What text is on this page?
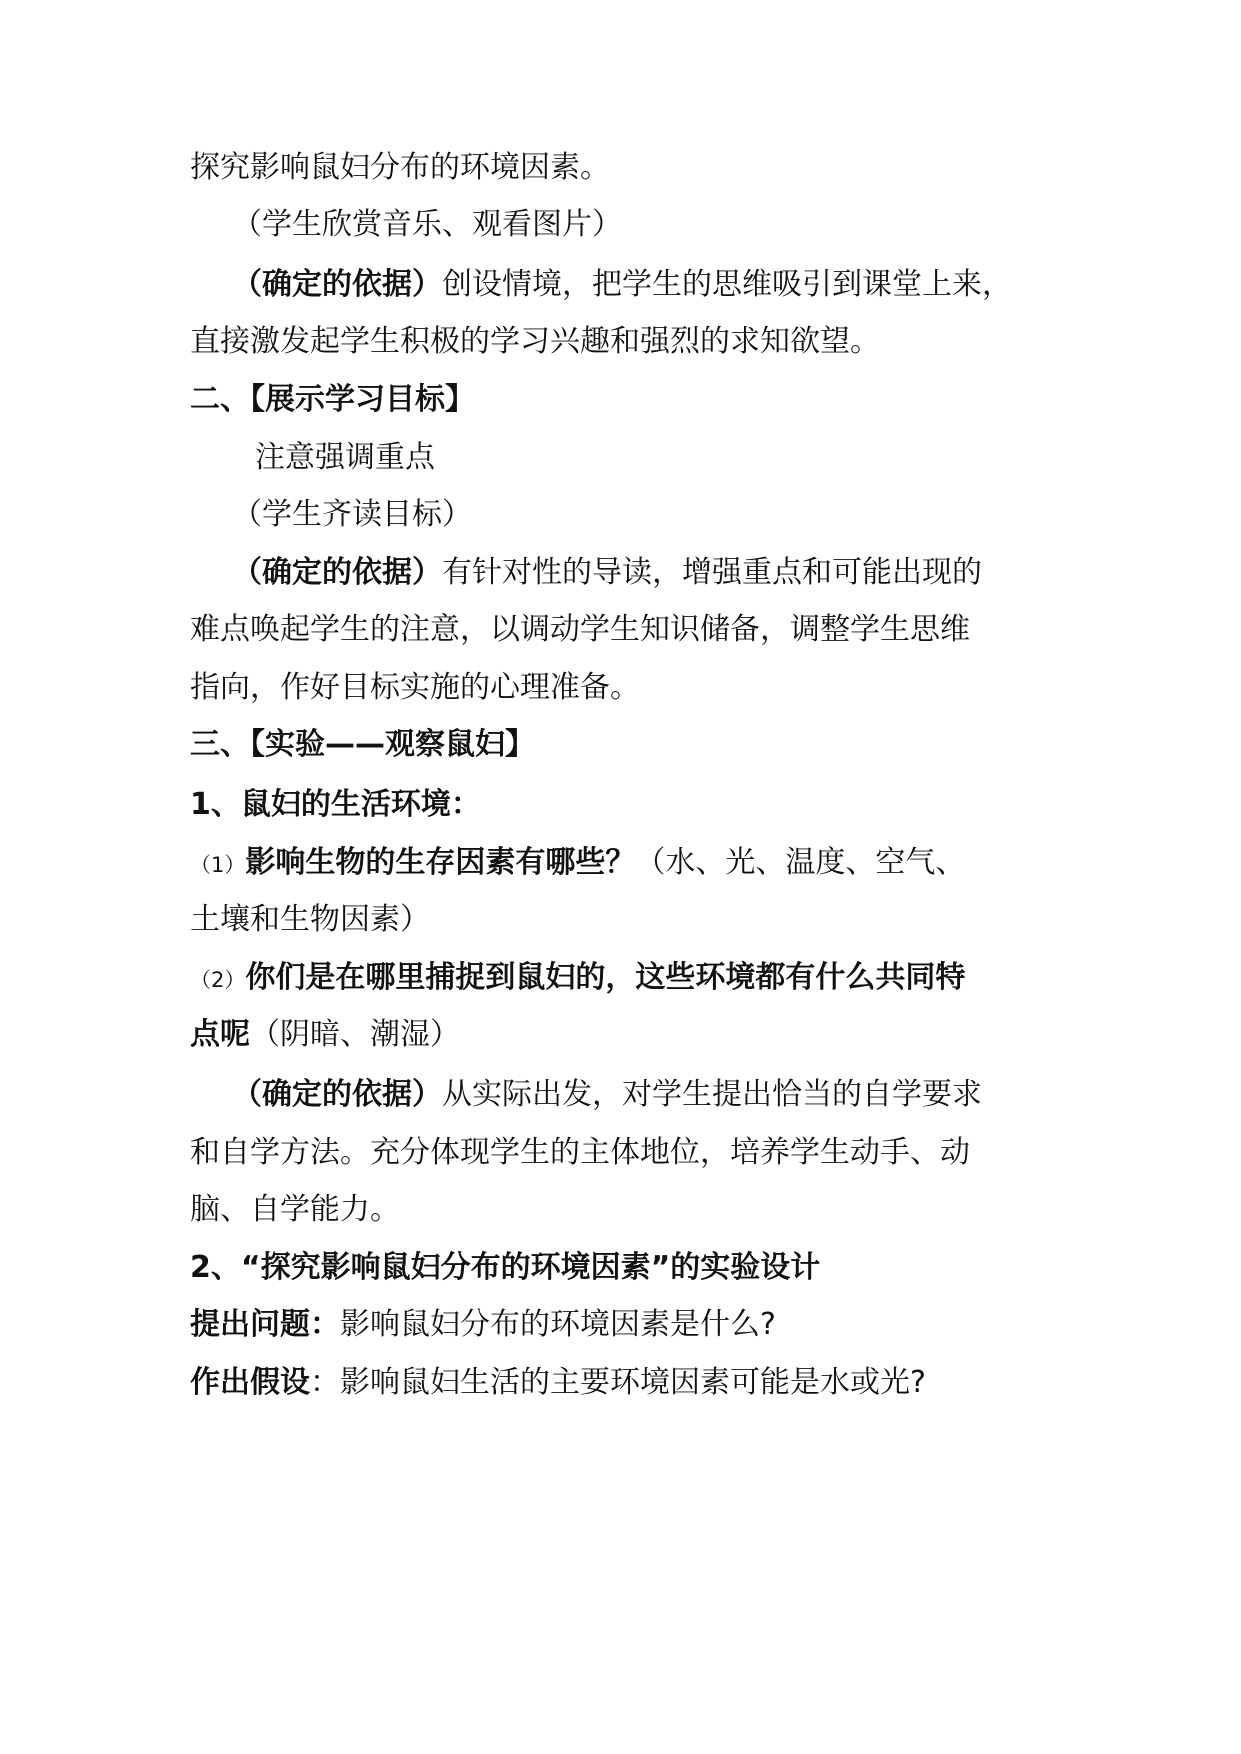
探究影响鼠妇分布的环境因素。
（学生欣赏音乐、观看图片）
（确定的依据）创设情境，把学生的思维吸引到课堂上来，
直接激发起学生积极的学习兴趣和强烈的求知欲望。
二、【展示学习目标】
注意强调重点
（学生齐读目标）
（确定的依据）有针对性的导读，增强重点和可能出现的
难点唤起学生的注意，以调动学生知识储备，调整学生思维
指向，作好目标实施的心理准备。
三、【实验——观察鼠妇】
1、鼠妇的生活环境：
（1）影响生物的生存因素有哪些？（水、光、温度、空气、
土壤和生物因素）
（2）你们是在哪里捕捉到鼠妇的，这些环境都有什么共同特
点呢（阴暗、潮湿）
（确定的依据）从实际出发，对学生提出恰当的自学要求
和自学方法。充分体现学生的主体地位，培养学生动手、动
脑、自学能力。
2、“探究影响鼠妇分布的环境因素”的实验设计
提出问题：影响鼠妇分布的环境因素是什么?
作出假设：影响鼠妇生活的主要环境因素可能是水或光?
